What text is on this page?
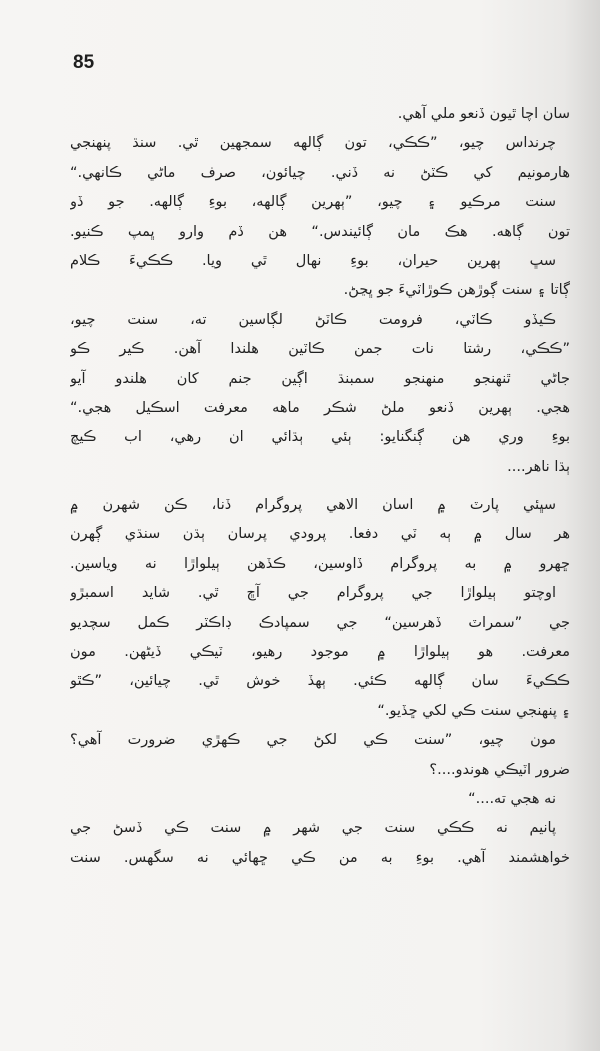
85
سان اچا ٿيون ڏنعو ملي آهي.
چرنداس چيو، ”ڪڪي، تون ڳالهه سمجهين ٿي. سنڌ پنهنجي
هارمونيم کي ڪٽڻ نه ڏني. چيائون، صرف ماڻي ڪانهي.“
سنت مرڪيو ۽ چيو، ”ٻهرين ڳالهه، بوءِ ڳالهه. جو ڏو
تون ڳاهه. هڪ مان ڳائيندس.“ هن ڏم وارو ڀمپ ڪنيو.
سڀ ٻهرين حيران، بوءِ نهال ٿي ويا. ڪڪيءَ ڪلام
ڳاتا ۽ سنت ڳوڙهن ڪوڙاٽيءَ جو ڀڃڻ.
ڪيڏو ڪاٽي، فرومت ڪاٽڻ لڳاسين ته، سنت چيو،
”ڪڪي، رشتا نات جمن ڪاٽين هلندا آهن. ڪير ڪو
جاڻي ٿنهنجو منهنجو سمبنڌ اڳين جنم کان هلندو آيو
هجي. ٻهرين ڏنعو ملڻ شڪر ماهه معرفت اسڪيل هجي.“
بوءِ وري هن ڳنگنايو: ٻئي ٻڌائي ان رهي، اب ڪيچ
ٻڌا ناهر....
سڀئي پارٽ ۾ اسان الاهي پروگرام ڏنا، ڪن شهرن ۾
هر سال ۾ ٻه ٽي دفعا. پرودي پرسان ٻڌن سنڌي ڳهرن
ڇهرو ۾ به پروگرام ڏاوسين، ڪڏهن ٻيلواڙا نه وياسين.
اوچتو ٻيلواڙا جي پروگرام جي آڇ ٿي. شايد اسمبڙو
جي ”سمراٽ ڏهرسين“ جي سمپادڪ ڊاڪٽر ڪمل سچديو
معرفت. هو ٻيلواڙا ۾ موجود رهيو، ٽيڪي ڏيڻهن. مون
ڪڪيءَ سان ڳالهه ڪئي. ٻهڏ خوش ٿي. چيائين، ”ڪٿو
۽ پنهنجي سنت ڪي لکي ڇڏيو.“
مون چيو، ”سنت ڪي لکڻ جي ڪهڙي ضرورت آهي؟
ضرور اٽيڪي هوندو....؟
نه هجي ته....“
پانيم نه ڪڪي سنت جي شهر ۾ سنت ڪي ڏسڻ جي
خواهشمند آهي. بوءِ به من ڪي ڇهائي نه سگهس. سنت
